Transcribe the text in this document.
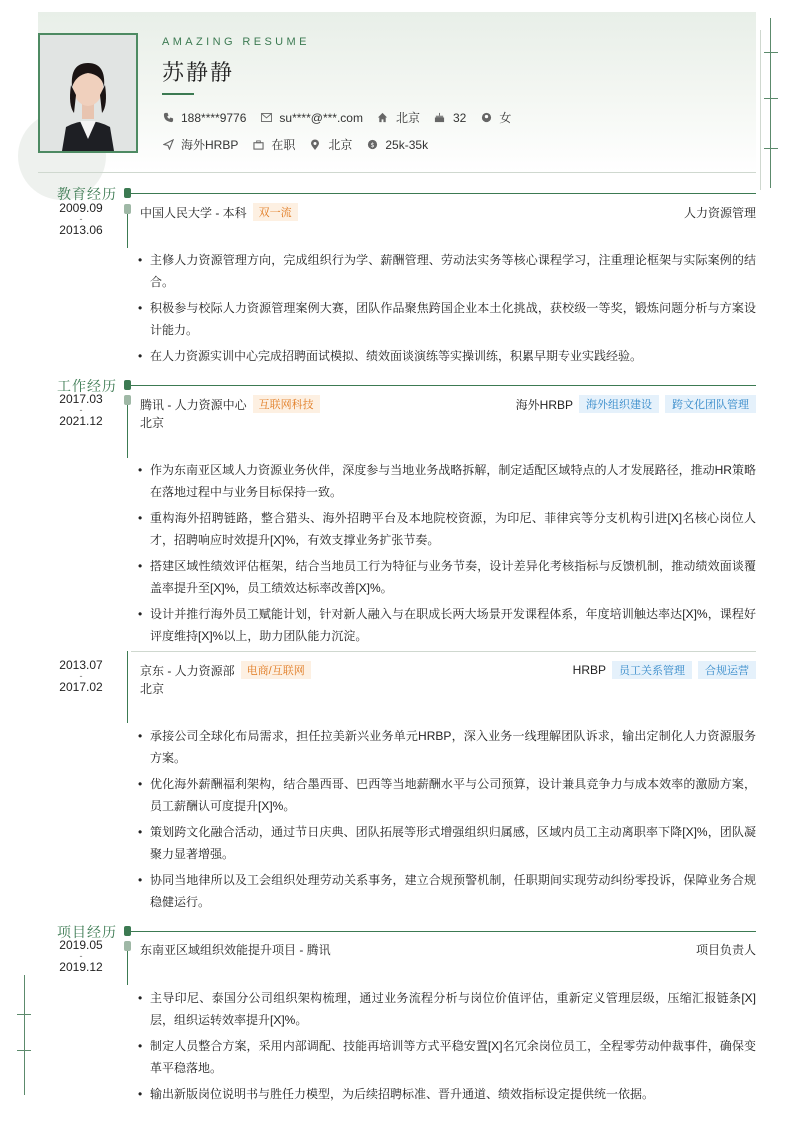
AMAZING RESUME
苏静静
188****9776	su****@***.com	北京	32	女
海外HRBP	在职	北京	$ 25k-35k
教育经历
2009.09
-
2013.06
中国人民大学 - 本科	双一流	人力资源管理
• 主修人力资源管理方向，完成组织行为学、薪酬管理、劳动法实务等核心课程学习，注重理论框架与实际案例的结合。
• 积极参与校际人力资源管理案例大赛，团队作品聚焦跨国企业本土化挑战，获校级一等奖，锻炼问题分析与方案设计能力。
• 在人力资源实训中心完成招聘面试模拟、绩效面谈演练等实操训练，积累早期专业实践经验。
工作经历
2017.03
-
2021.12
腾讯 - 人力资源中心	互联网科技	海外HRBP	海外组织建设	跨文化团队管理
北京
• 作为东南亚区域人力资源业务伙伴，深度参与当地业务战略拆解，制定适配区域特点的人才发展路径，推动HR策略在落地过程中与业务目标保持一致。
• 重构海外招聘链路，整合猎头、海外招聘平台及本地院校资源，为印尼、菲律宾等分支机构引进[X]名核心岗位人才，招聘响应时效提升[X]%，有效支撑业务扩张节奏。
• 搭建区域性绩效评估框架，结合当地员工行为特征与业务节奏，设计差异化考核指标与反馈机制，推动绩效面谈覆盖率提升至[X]%，员工绩效达标率改善[X]%。
• 设计并推行海外员工赋能计划，针对新人融入与在职成长两大场景开发课程体系，年度培训触达率达[X]%，课程好评度维持[X]%以上，助力团队能力沉淀。
2013.07
-
2017.02
京东 - 人力资源部	电商/互联网	HRBP	员工关系管理	合规运营
北京
• 承接公司全球化布局需求，担任拉美新兴业务单元HRBP，深入业务一线理解团队诉求，输出定制化人力资源服务方案。
• 优化海外薪酬福利架构，结合墨西哥、巴西等当地薪酬水平与公司预算，设计兼具竞争力与成本效率的激励方案，员工薪酬认可度提升[X]%。
• 策划跨文化融合活动，通过节日庆典、团队拓展等形式增强组织归属感，区域内员工主动离职率下降[X]%，团队凝聚力显著增强。
• 协同当地律所以及工会组织处理劳动关系事务，建立合规预警机制，任职期间实现劳动纠纷零投诉，保障业务合规稳健运行。
项目经历
2019.05
-
2019.12
东南亚区域组织效能提升项目 - 腾讯	项目负责人
• 主导印尼、泰国分公司组织架构梳理，通过业务流程分析与岗位价值评估，重新定义管理层级，压缩汇报链条[X]层，组织运转效率提升[X]%。
• 制定人员整合方案，采用内部调配、技能再培训等方式平稳安置[X]名冗余岗位员工，全程零劳动仲裁事件，确保变革平稳落地。
• 输出新版岗位说明书与胜任力模型，为后续招聘标准、晋升通道、绩效指标设定提供统一依据。
